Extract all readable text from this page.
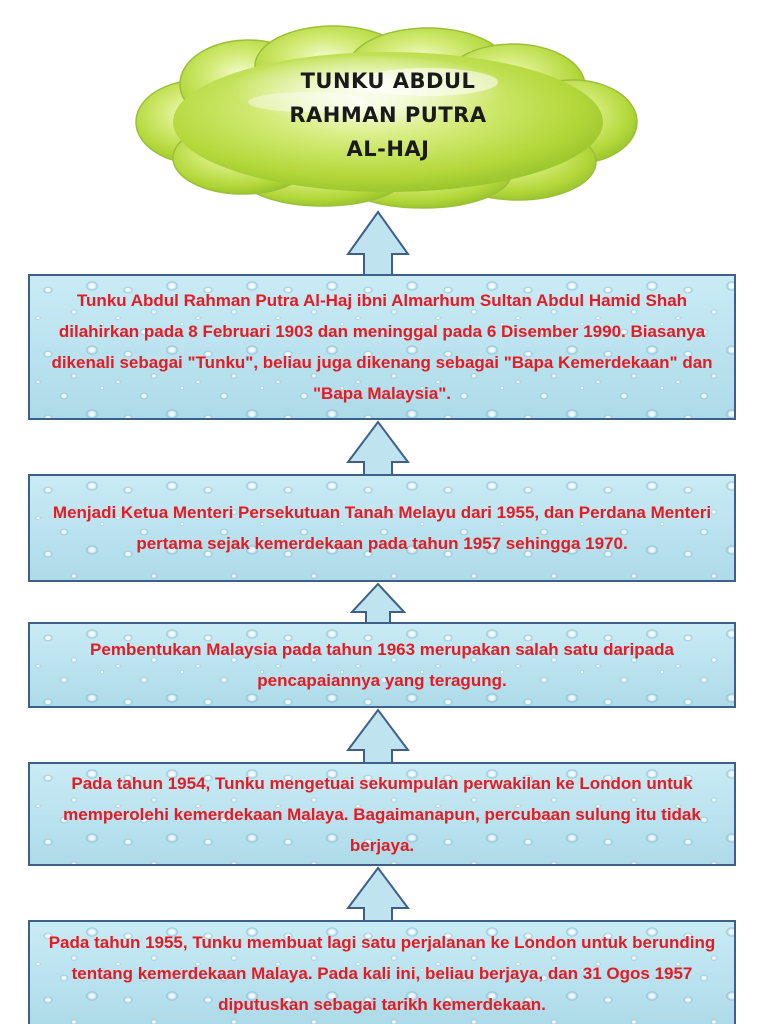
TUNKU ABDUL
RAHMAN PUTRA
AL-HAJ

Tunku Abdul Rahman Putra Al-Haj ibni Almarhum Sultan Abdul Hamid Shah dilahirkan pada 8 Februari 1903 dan meninggal pada 6 Disember 1990. Biasanya dikenali sebagai "Tunku", beliau juga dikenang sebagai "Bapa Kemerdekaan" dan "Bapa Malaysia".

Menjadi Ketua Menteri Persekutuan Tanah Melayu dari 1955, dan Perdana Menteri pertama sejak kemerdekaan pada tahun 1957 sehingga 1970.

Pembentukan Malaysia pada tahun 1963 merupakan salah satu daripada pencapaiannya yang teragung.

Pada tahun 1954, Tunku mengetuai sekumpulan perwakilan ke London untuk memperolehi kemerdekaan Malaya. Bagaimanapun, percubaan sulung itu tidak berjaya.

Pada tahun 1955, Tunku membuat lagi satu perjalanan ke London untuk berunding tentang kemerdekaan Malaya. Pada kali ini, beliau berjaya, dan 31 Ogos 1957 diputuskan sebagai tarikh kemerdekaan.
